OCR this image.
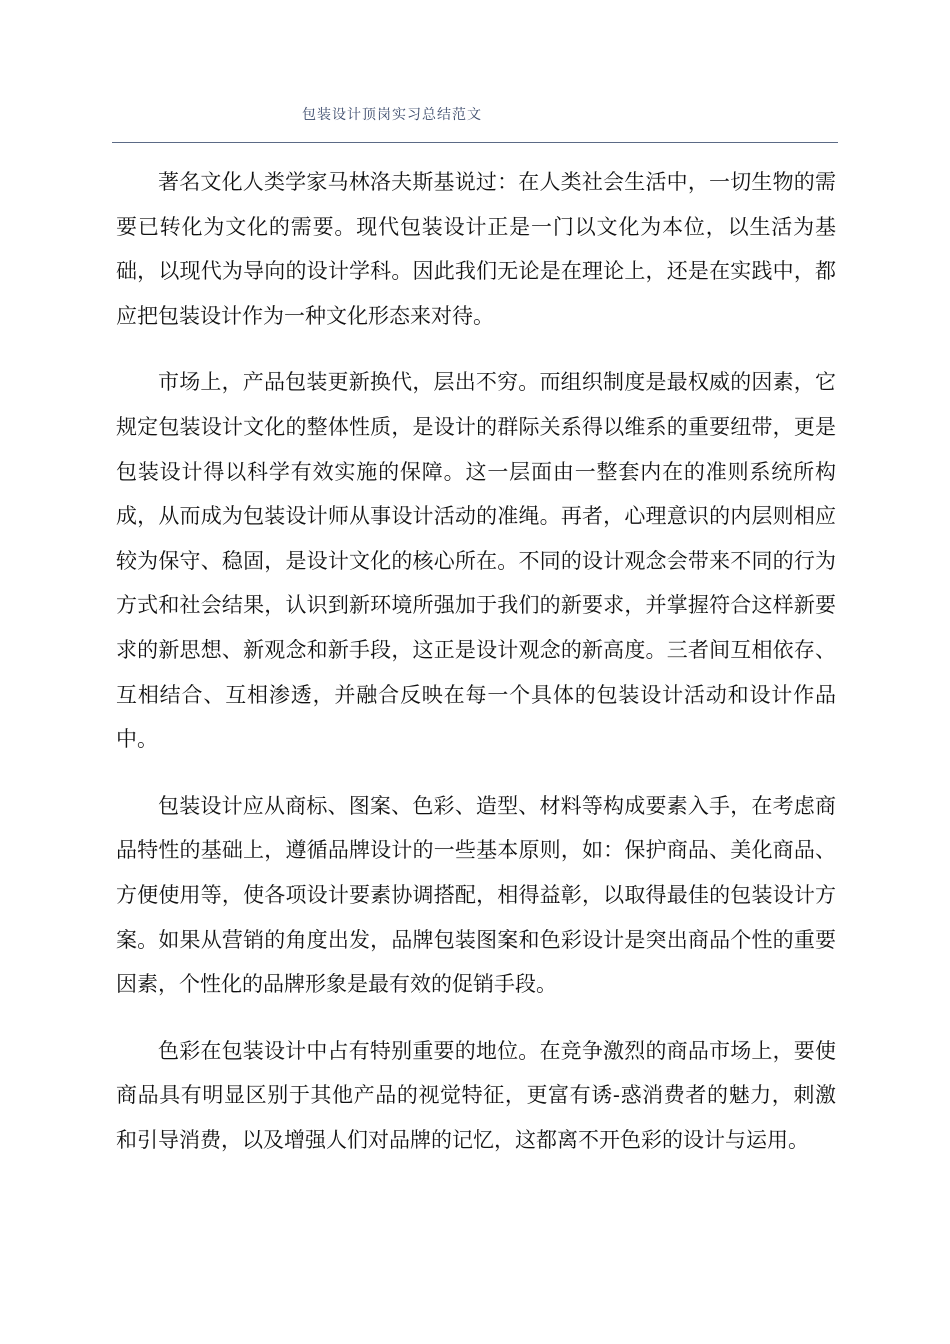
包装设计顶岗实习总结范文

著名文化人类学家马林洛夫斯基说过：在人类社会生活中，一切生物的需要已转化为文化的需要。现代包装设计正是一门以文化为本位，以生活为基础，以现代为导向的设计学科。因此我们无论是在理论上，还是在实践中，都应把包装设计作为一种文化形态来对待。

市场上，产品包装更新换代，层出不穷。而组织制度是最权威的因素，它规定包装设计文化的整体性质，是设计的群际关系得以维系的重要纽带，更是包装设计得以科学有效实施的保障。这一层面由一整套内在的准则系统所构成，从而成为包装设计师从事设计活动的准绳。再者，心理意识的内层则相应较为保守、稳固，是设计文化的核心所在。不同的设计观念会带来不同的行为方式和社会结果，认识到新环境所强加于我们的新要求，并掌握符合这样新要求的新思想、新观念和新手段，这正是设计观念的新高度。三者间互相依存、互相结合、互相渗透，并融合反映在每一个具体的包装设计活动和设计作品中。

包装设计应从商标、图案、色彩、造型、材料等构成要素入手，在考虑商品特性的基础上，遵循品牌设计的一些基本原则，如：保护商品、美化商品、方便使用等，使各项设计要素协调搭配，相得益彰，以取得最佳的包装设计方案。如果从营销的角度出发，品牌包装图案和色彩设计是突出商品个性的重要因素，个性化的品牌形象是最有效的促销手段。

色彩在包装设计中占有特别重要的地位。在竞争激烈的商品市场上，要使商品具有明显区别于其他产品的视觉特征，更富有诱-惑消费者的魅力，刺激和引导消费，以及增强人们对品牌的记忆，这都离不开色彩的设计与运用。
